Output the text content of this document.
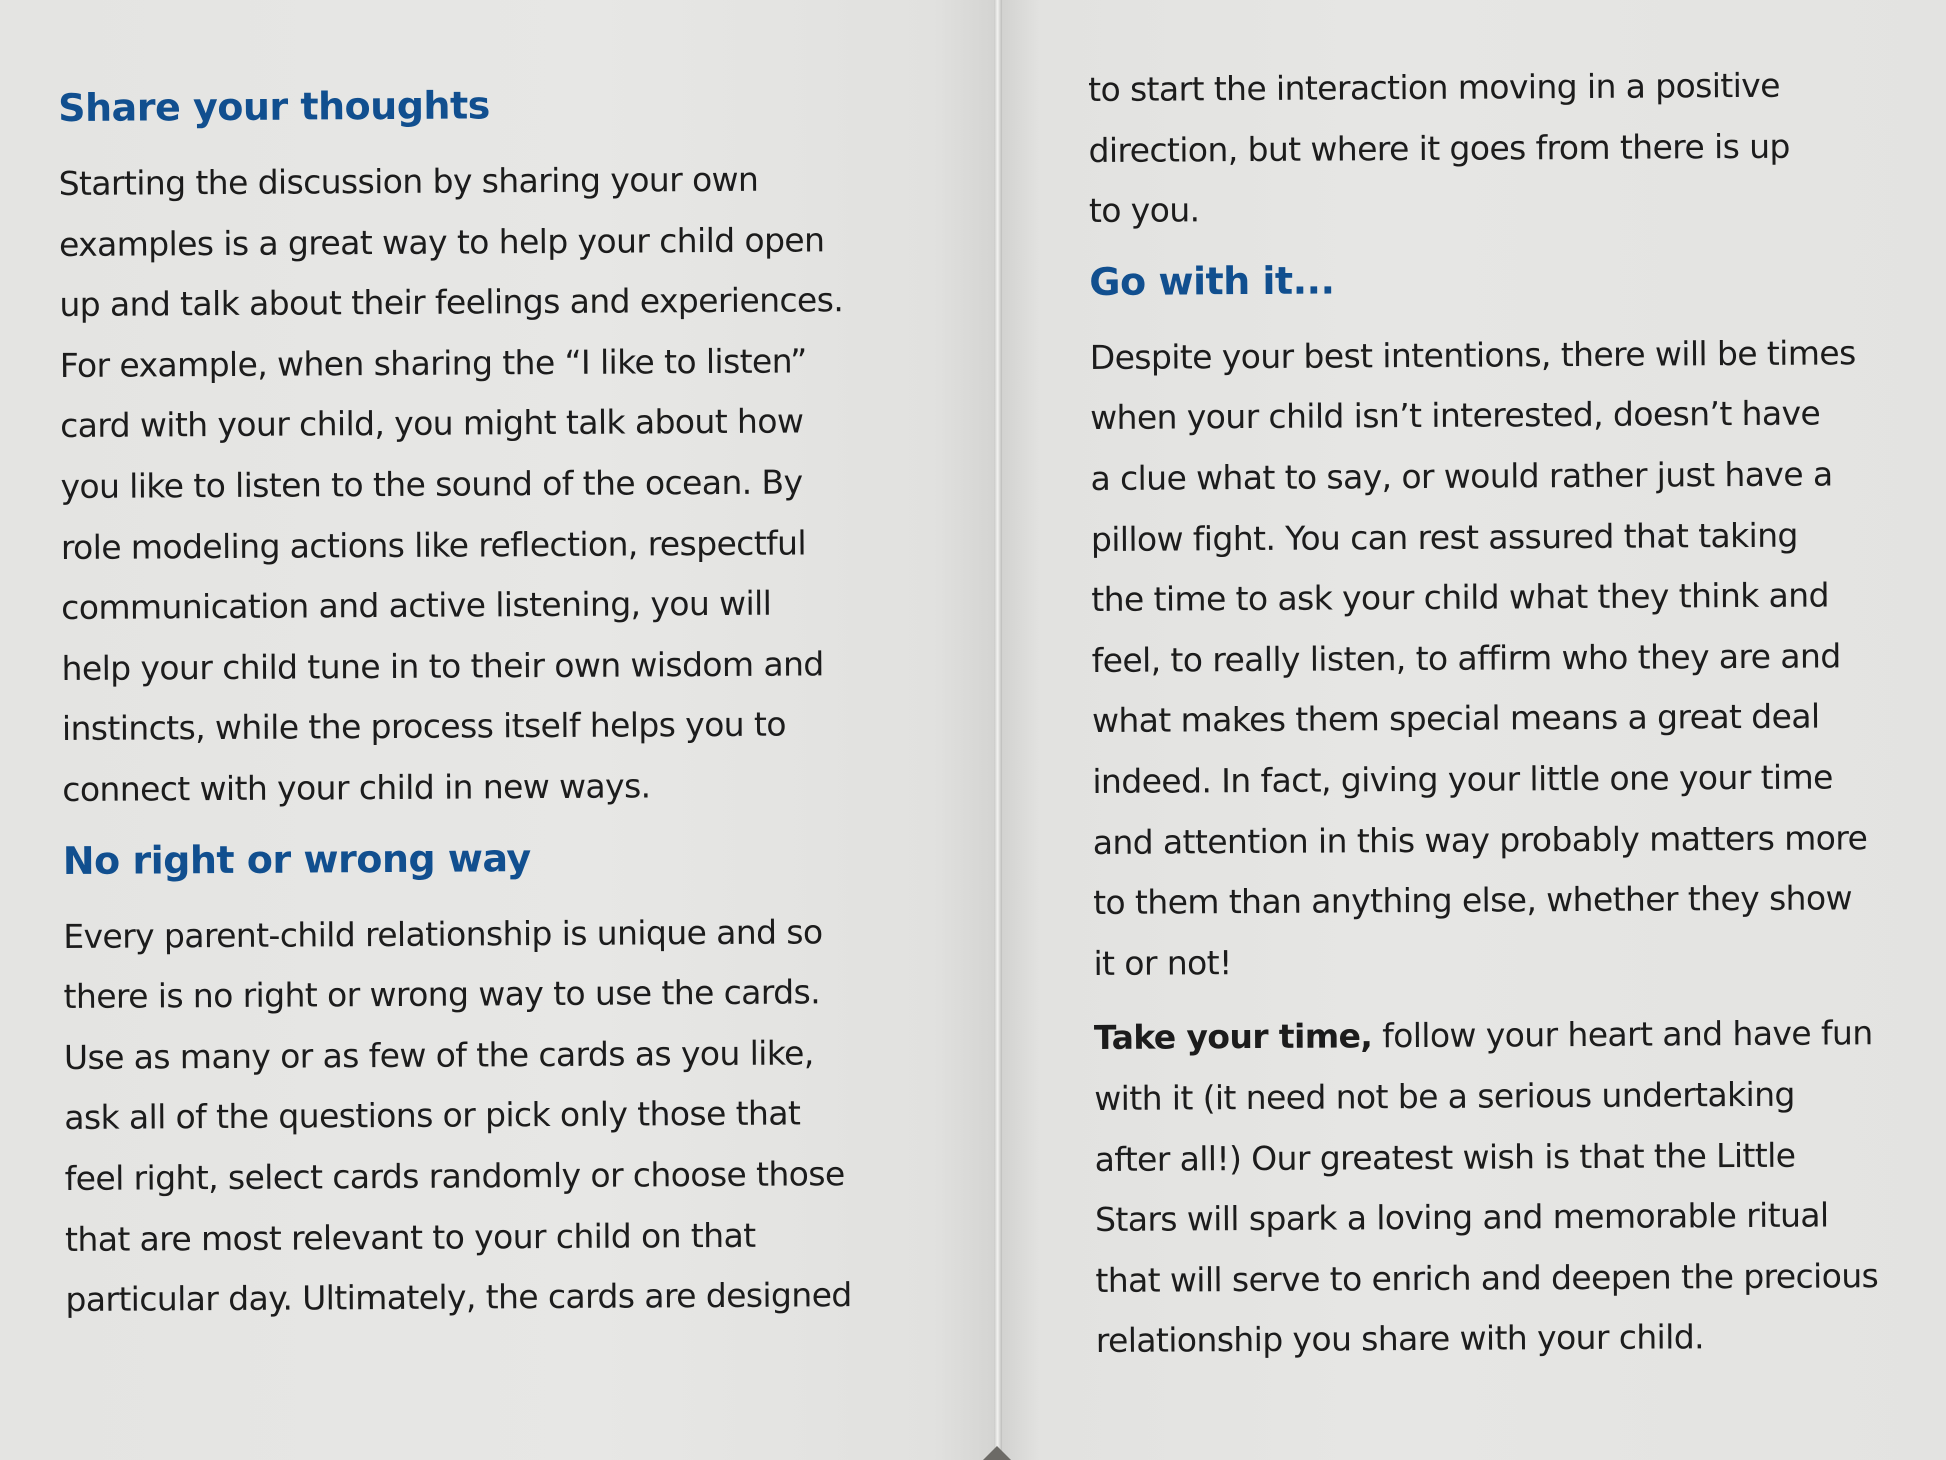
Share your thoughts

Starting the discussion by sharing your own
examples is a great way to help your child open
up and talk about their feelings and experiences.
For example, when sharing the “I like to listen”
card with your child, you might talk about how
you like to listen to the sound of the ocean. By
role modeling actions like reflection, respectful
communication and active listening, you will
help your child tune in to their own wisdom and
instincts, while the process itself helps you to
connect with your child in new ways.

No right or wrong way

Every parent-child relationship is unique and so
there is no right or wrong way to use the cards.
Use as many or as few of the cards as you like,
ask all of the questions or pick only those that
feel right, select cards randomly or choose those
that are most relevant to your child on that
particular day. Ultimately, the cards are designed

to start the interaction moving in a positive
direction, but where it goes from there is up
to you.

Go with it...

Despite your best intentions, there will be times
when your child isn’t interested, doesn’t have
a clue what to say, or would rather just have a
pillow fight. You can rest assured that taking
the time to ask your child what they think and
feel, to really listen, to affirm who they are and
what makes them special means a great deal
indeed. In fact, giving your little one your time
and attention in this way probably matters more
to them than anything else, whether they show
it or not!

Take your time, follow your heart and have fun
with it (it need not be a serious undertaking
after all!) Our greatest wish is that the Little
Stars will spark a loving and memorable ritual
that will serve to enrich and deepen the precious
relationship you share with your child.
